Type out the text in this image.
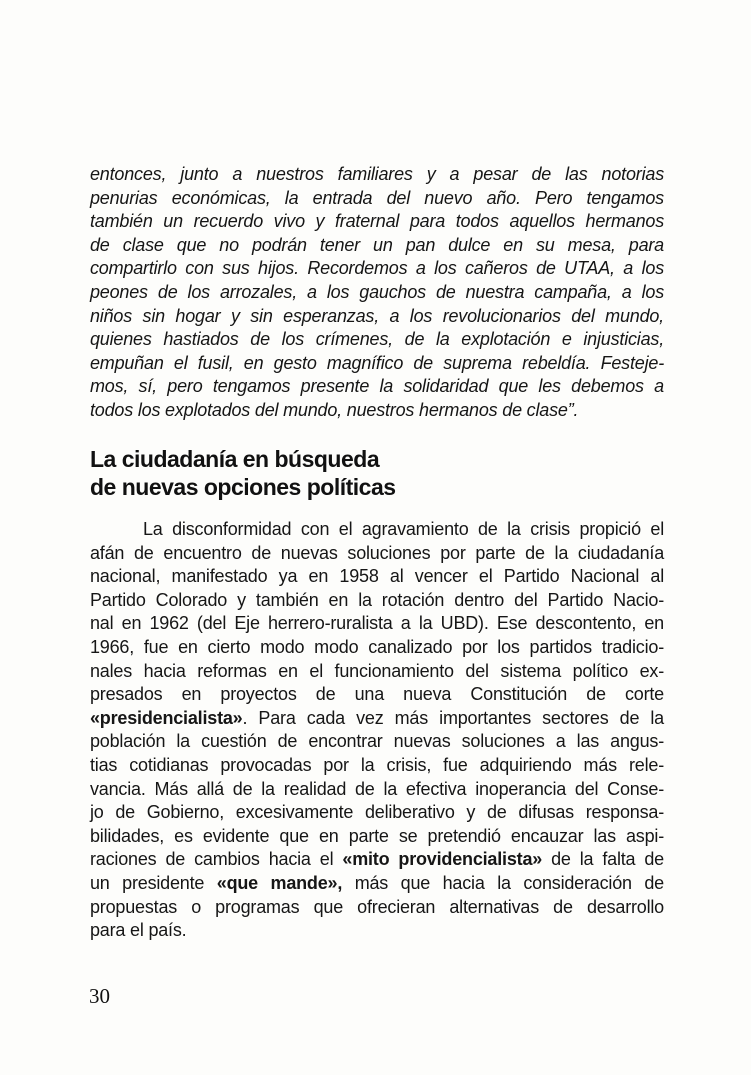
entonces, junto a nuestros familiares y a pesar de las notorias
penurias económicas, la entrada del nuevo año. Pero tengamos
también un recuerdo vivo y fraternal para todos aquellos hermanos
de clase que no podrán tener un pan dulce en su mesa, para
compartirlo con sus hijos. Recordemos a los cañeros de UTAA, a los
peones de los arrozales, a los gauchos de nuestra campaña, a los
niños sin hogar y sin esperanzas, a los revolucionarios del mundo,
quienes hastiados de los crímenes, de la explotación e injusticias,
empuñan el fusil, en gesto magnífico de suprema rebeldía. Festeje-
mos, sí, pero tengamos presente la solidaridad que les debemos a
todos los explotados del mundo, nuestros hermanos de clase”.
La ciudadanía en búsqueda
de nuevas opciones políticas
La disconformidad con el agravamiento de la crisis propició el
afán de encuentro de nuevas soluciones por parte de la ciudadanía
nacional, manifestado ya en 1958 al vencer el Partido Nacional al
Partido Colorado y también en la rotación dentro del Partido Nacio-
nal en 1962 (del Eje herrero-ruralista a la UBD). Ese descontento, en
1966, fue en cierto modo modo canalizado por los partidos tradicio-
nales hacia reformas en el funcionamiento del sistema político ex-
presados en proyectos de una nueva Constitución de corte
«presidencialista». Para cada vez más importantes sectores de la
población la cuestión de encontrar nuevas soluciones a las angus-
tias cotidianas provocadas por la crisis, fue adquiriendo más rele-
vancia. Más allá de la realidad de la efectiva inoperancia del Conse-
jo de Gobierno, excesivamente deliberativo y de difusas responsa-
bilidades, es evidente que en parte se pretendió encauzar las aspi-
raciones de cambios hacia el «mito providencialista» de la falta de
un presidente «que mande», más que hacia la consideración de
propuestas o programas que ofrecieran alternativas de desarrollo
para el país.
30
